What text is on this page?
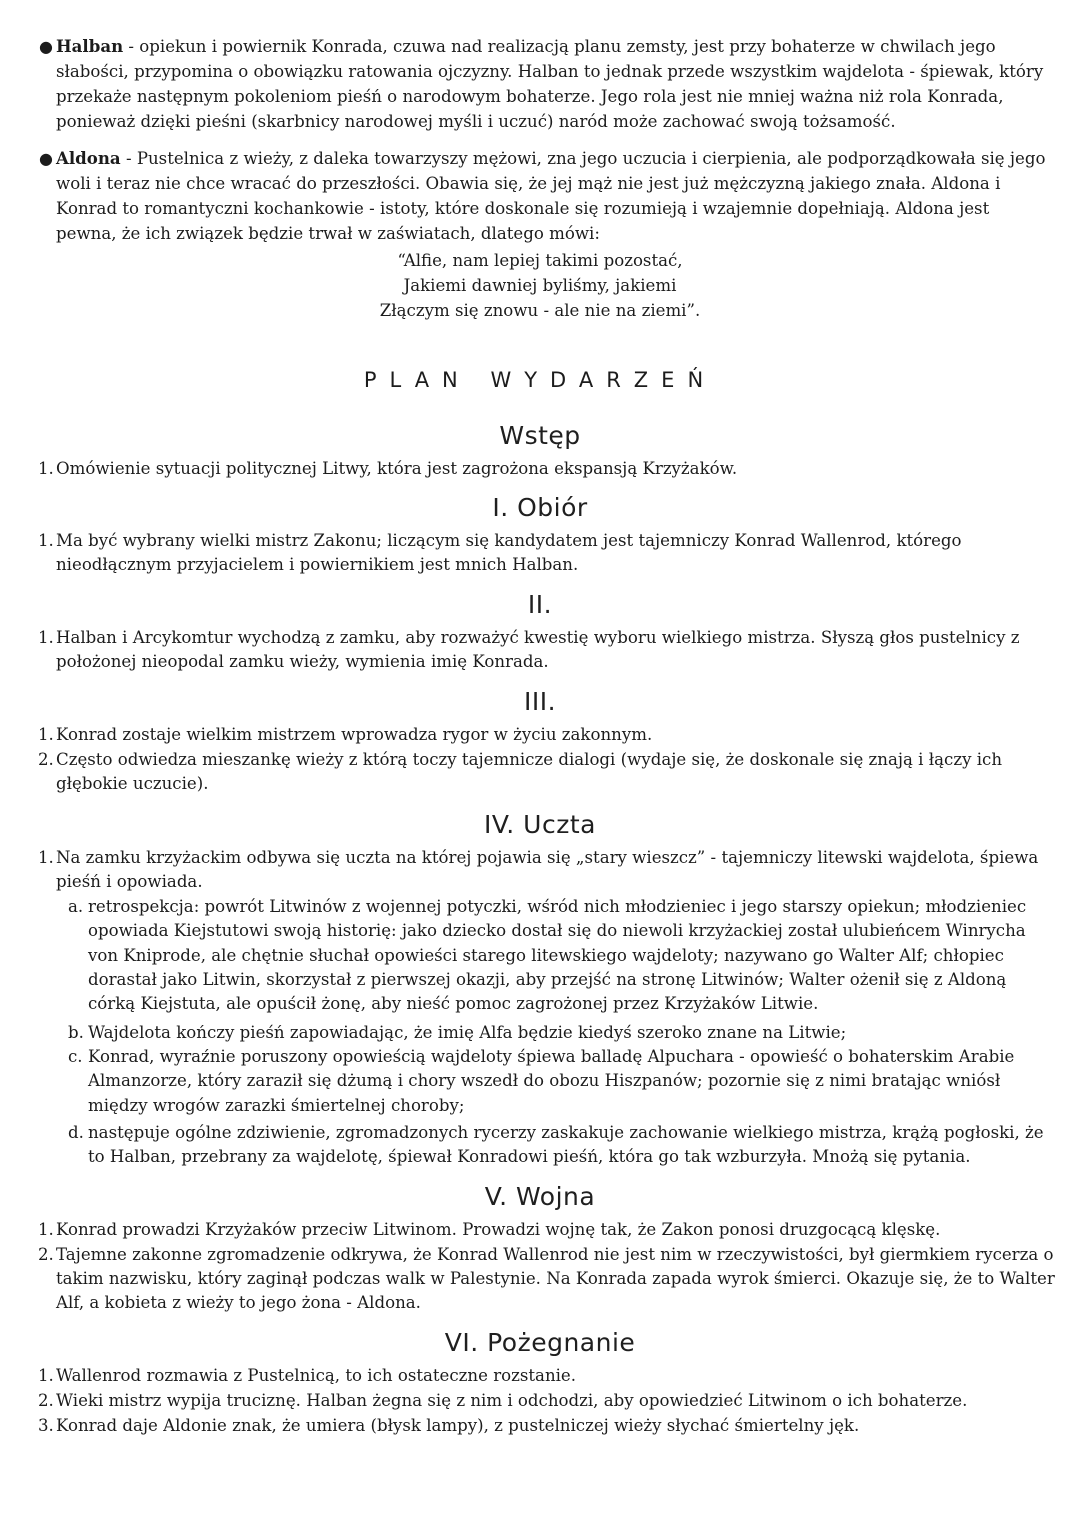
● Halban - opiekun i powiernik Konrada, czuwa nad realizacją planu zemsty, jest przy bohaterze w chwilach jego słabości, przypomina o obowiązku ratowania ojczyzny. Halban to jednak przede wszystkim wajdelota - śpiewak, który przekaże następnym pokoleniom pieśń o narodowym bohaterze. Jego rola jest nie mniej ważna niż rola Konrada, ponieważ dzięki pieśni (skarbnicy narodowej myśli i uczuć) naród może zachować swoją tożsamość.
● Aldona - Pustelnica z wieży, z daleka towarzyszy mężowi, zna jego uczucia i cierpienia, ale podporządkowała się jego woli i teraz nie chce wracać do przeszłości. Obawia się, że jej mąż nie jest już mężczyzną jakiego znała. Aldona i Konrad to romantyczni kochankowie - istoty, które doskonale się rozumieją i wzajemnie dopełniają. Aldona jest pewna, że ich związek będzie trwał w zaświatach, dlatego mówi:
“Alfie, nam lepiej takimi pozostać,
Jakiemi dawniej byliśmy, jakiemi
Złączym się znowu - ale nie na ziemi”.
PLAN WYDARZEŃ
Wstęp
1. Omówienie sytuacji politycznej Litwy, która jest zagrożona ekspansją Krzyżaków.
I. Obiór
1. Ma być wybrany wielki mistrz Zakonu; liczącym się kandydatem jest tajemniczy Konrad Wallenrod, którego nieodłącznym przyjacielem i powiernikiem jest mnich Halban.
II.
1. Halban i Arcykomtur wychodzą z zamku, aby rozważyć kwestię wyboru wielkiego mistrza. Słyszą głos pustelnicy z położonej nieopodal zamku wieży, wymienia imię Konrada.
III.
1. Konrad zostaje wielkim mistrzem wprowadza rygor w życiu zakonnym.
2. Często odwiedza mieszankę wieży z którą toczy tajemnicze dialogi (wydaje się, że doskonale się znają i łączy ich głębokie uczucie).
IV. Uczta
1. Na zamku krzyżackim odbywa się uczta na której pojawia się „stary wieszcz” - tajemniczy litewski wajdelota, śpiewa pieśń i opowiada.
a. retrospekcja: powrót Litwinów z wojennej potyczki, wśród nich młodzieniec i jego starszy opiekun; młodzieniec opowiada Kiejstutowi swoją historię: jako dziecko dostał się do niewoli krzyżackiej został ulubieńcem Winrycha von Kniprode, ale chętnie słuchał opowieści starego litewskiego wajdeloty; nazywano go Walter Alf; chłopiec dorastał jako Litwin, skorzystał z pierwszej okazji, aby przejść na stronę Litwinów; Walter ożenił się z Aldoną córką Kiejstuta, ale opuścił żonę, aby nieść pomoc zagrożonej przez Krzyżaków Litwie.
b. Wajdelota kończy pieśń zapowiadając, że imię Alfa będzie kiedyś szeroko znane na Litwie;
c. Konrad, wyraźnie poruszony opowieścią wajdeloty śpiewa balladę Alpuchara - opowieść o bohaterskim Arabie Almanzorze, który zaraził się dżumą i chory wszedł do obozu Hiszpanów; pozornie się z nimi bratając wniósł między wrogów zarazki śmiertelnej choroby;
d. następuje ogólne zdziwienie, zgromadzonych rycerzy zaskakuje zachowanie wielkiego mistrza, krążą pogłoski, że to Halban, przebrany za wajdelotę, śpiewał Konradowi pieśń, która go tak wzburzyła. Mnożą się pytania.
V. Wojna
1. Konrad prowadzi Krzyżaków przeciw Litwinom. Prowadzi wojnę tak, że Zakon ponosi druzgocącą klęskę.
2. Tajemne zakonne zgromadzenie odkrywa, że Konrad Wallenrod nie jest nim w rzeczywistości, był giermkiem rycerza o takim nazwisku, który zaginął podczas walk w Palestynie. Na Konrada zapada wyrok śmierci. Okazuje się, że to Walter Alf, a kobieta z wieży to jego żona - Aldona.
VI. Pożegnanie
1. Wallenrod rozmawia z Pustelnicą, to ich ostateczne rozstanie.
2. Wieki mistrz wypija truciznę. Halban żegna się z nim i odchodzi, aby opowiedzieć Litwinom o ich bohaterze.
3. Konrad daje Aldonie znak, że umiera (błysk lampy), z pustelniczej wieży słychać śmiertelny jęk.
